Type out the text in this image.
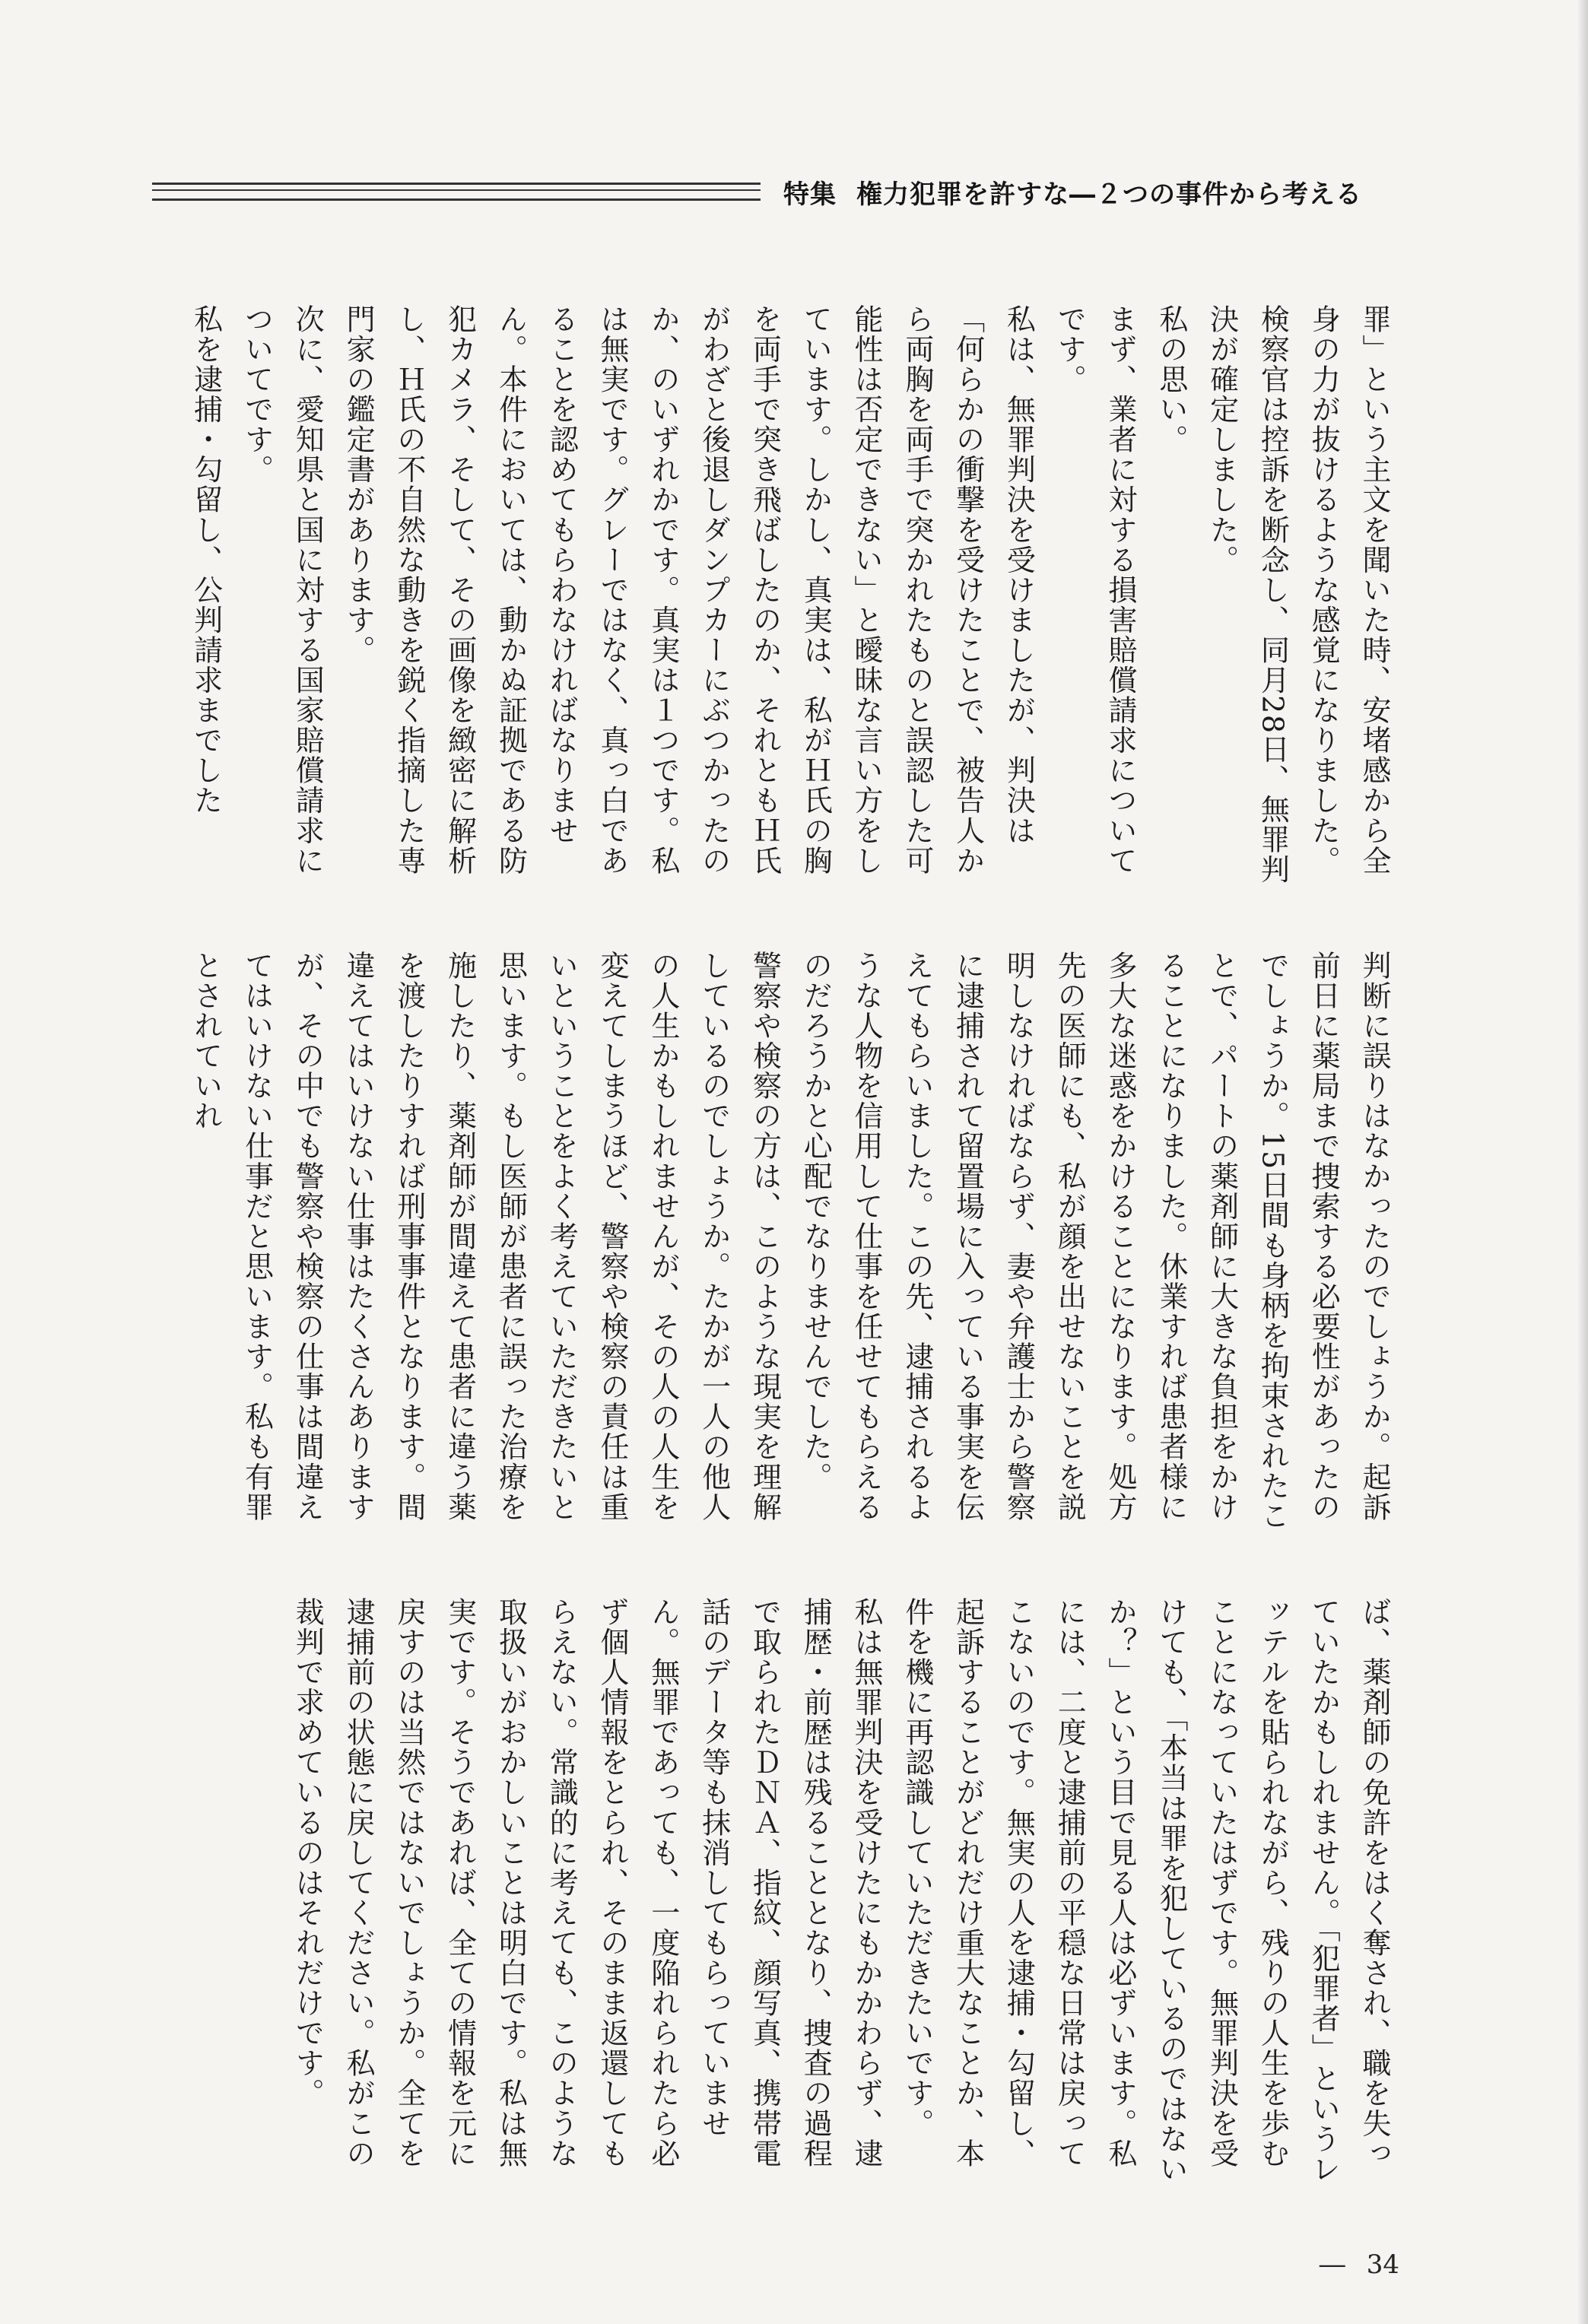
特集 権力犯罪を許すな―２つの事件から考える

罪」という主文を聞いた時、安堵感から全身の力が抜けるような感覚になりました。検察官は控訴を断念し、同月28日、無罪判決が確定しました。

私の思い。

まず、業者に対する損害賠償請求についてです。

私は、無罪判決を受けましたが、判決は「何らかの衝撃を受けたことで、被告人から両胸を両手で突かれたものと誤認した可能性は否定できない」と曖昧な言い方をしています。しかし、真実は、私がＨ氏の胸を両手で突き飛ばしたのか、それともＨ氏がわざと後退しダンプカーにぶつかったのか、のいずれかです。真実は１つです。私は無実です。グレーではなく、真っ白であることを認めてもらわなければなりません。本件においては、動かぬ証拠である防犯カメラ、そして、その画像を緻密に解析し、Ｈ氏の不自然な動きを鋭く指摘した専門家の鑑定書があります。

次に、愛知県と国に対する国家賠償請求についてです。

私を逮捕・勾留し、公判請求までした

判断に誤りはなかったのでしょうか。起訴前日に薬局まで捜索する必要性があったのでしょうか。15日間も身柄を拘束されたことで、パートの薬剤師に大きな負担をかけることになりました。休業すれば患者様に多大な迷惑をかけることになります。処方先の医師にも、私が顔を出せないことを説明しなければならず、妻や弁護士から警察に逮捕されて留置場に入っている事実を伝えてもらいました。この先、逮捕されるような人物を信用して仕事を任せてもらえるのだろうかと心配でなりませんでした。

警察や検察の方は、このような現実を理解しているのでしょうか。たかが一人の他人の人生かもしれませんが、その人の人生を変えてしまうほど、警察や検察の責任は重いということをよく考えていただきたいと思います。もし医師が患者に誤った治療を施したり、薬剤師が間違えて患者に違う薬を渡したりすれば刑事事件となります。間違えてはいけない仕事はたくさんありますが、その中でも警察や検察の仕事は間違えてはいけない仕事だと思います。私も有罪とされていれ

ば、薬剤師の免許をはく奪され、職を失っていたかもしれません。「犯罪者」というレッテルを貼られながら、残りの人生を歩むことになっていたはずです。無罪判決を受けても、「本当は罪を犯しているのではないか？」という目で見る人は必ずいます。私には、二度と逮捕前の平穏な日常は戻ってこないのです。無実の人を逮捕・勾留し、起訴することがどれだけ重大なことか、本件を機に再認識していただきたいです。

私は無罪判決を受けたにもかかわらず、逮捕歴・前歴は残ることとなり、捜査の過程で取られたＤＮＡ、指紋、顔写真、携帯電話のデータ等も抹消してもらっていません。無罪であっても、一度陥れられたら必ず個人情報をとられ、そのまま返還してもらえない。常識的に考えても、このような取扱いがおかしいことは明白です。私は無実です。そうであれば、全ての情報を元に戻すのは当然ではないでしょうか。全てを逮捕前の状態に戻してください。私がこの裁判で求めているのはそれだけです。

― 34
